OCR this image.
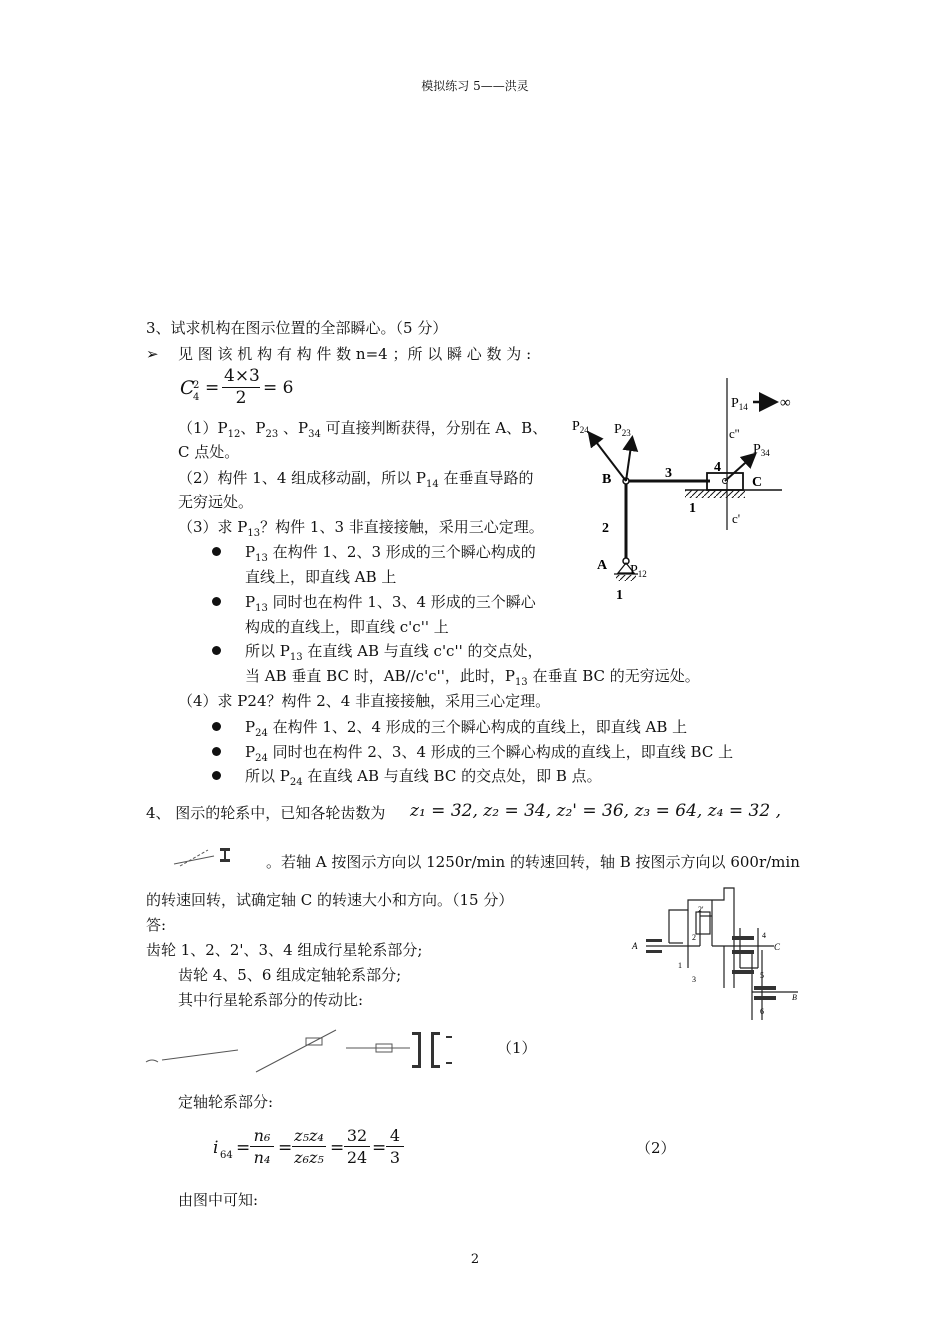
模拟练习 5——洪灵
3、试求机构在图示位置的全部瞬心。（5 分）
➢ 见 图 该 机 构 有 构 件 数 n=4 ；所 以 瞬 心 数 为 :
C
2
4 =
4×3
2 = 6
$(1)P_{12}$、$P_{23}$ 、$P_{34}$ 可直接判断获得，分别在 A、B、
C 点处。
（2）构件 1、4 组成移动副，所以 $P_{14}$ 在垂直导路的
无穷远处。
（3）求 $P_{13}$？构件 1、3 非直接接触，采用三心定理。
$P_{13}$ 在构件 1、2、3 形成的三个瞬心构成的
直线上，即直线 AB 上
$P_{13}$ 同时也在构件 1、3、4 形成的三个瞬心
构成的直线上，即直线 c'c'' 上
所以 $P_{13}$ 在直线 AB 与直线 c'c'' 的交点处，
当 AB 垂直 BC 时，AB//c'c''，此时，$P_{13}$ 在垂直 BC 的无穷远处。
（4）求 P24？构件 2、4 非直接接触，采用三心定理。
$P_{24}$ 在构件 1、2、4 形成的三个瞬心构成的直线上，即直线 AB 上
$P_{24}$ 同时也在构件 2、3、4 形成的三个瞬心构成的直线上，即直线 BC 上
所以 $P_{24}$ 在直线 AB 与直线 BC 的交点处，即 B 点。
$P_{14}$ ∞
$P_{24}$ $P_{23}$	c''
$P_{34}$
4
3
B	C
1
c'
2
A $P_{12}$
1
4、 图示的轮系中，已知各轮齿数为 z₁ = 32, z₂ = 34, z₂' = 36, z₃ = 64, z₄ = 32 ,
。若轴 A 按图示方向以 1250r/min 的转速回转，轴 B 按图示方向以 600r/min
的转速回转，试确定轴 C 的转速大小和方向。（15 分）
答:
齿轮 1、2、2'、3、4 组成行星轮系部分;
齿轮 4、5、6 组成定轴轮系部分;
其中行星轮系部分的传动比:
A
1
2
2'
3
4
5
6
C
B
（1）
定轴轮系部分:
i 64 =
n₆
n₄ =
z₅z₄
z₆z₅ =
32
24 =
4
3	（2）
由图中可知:
2
